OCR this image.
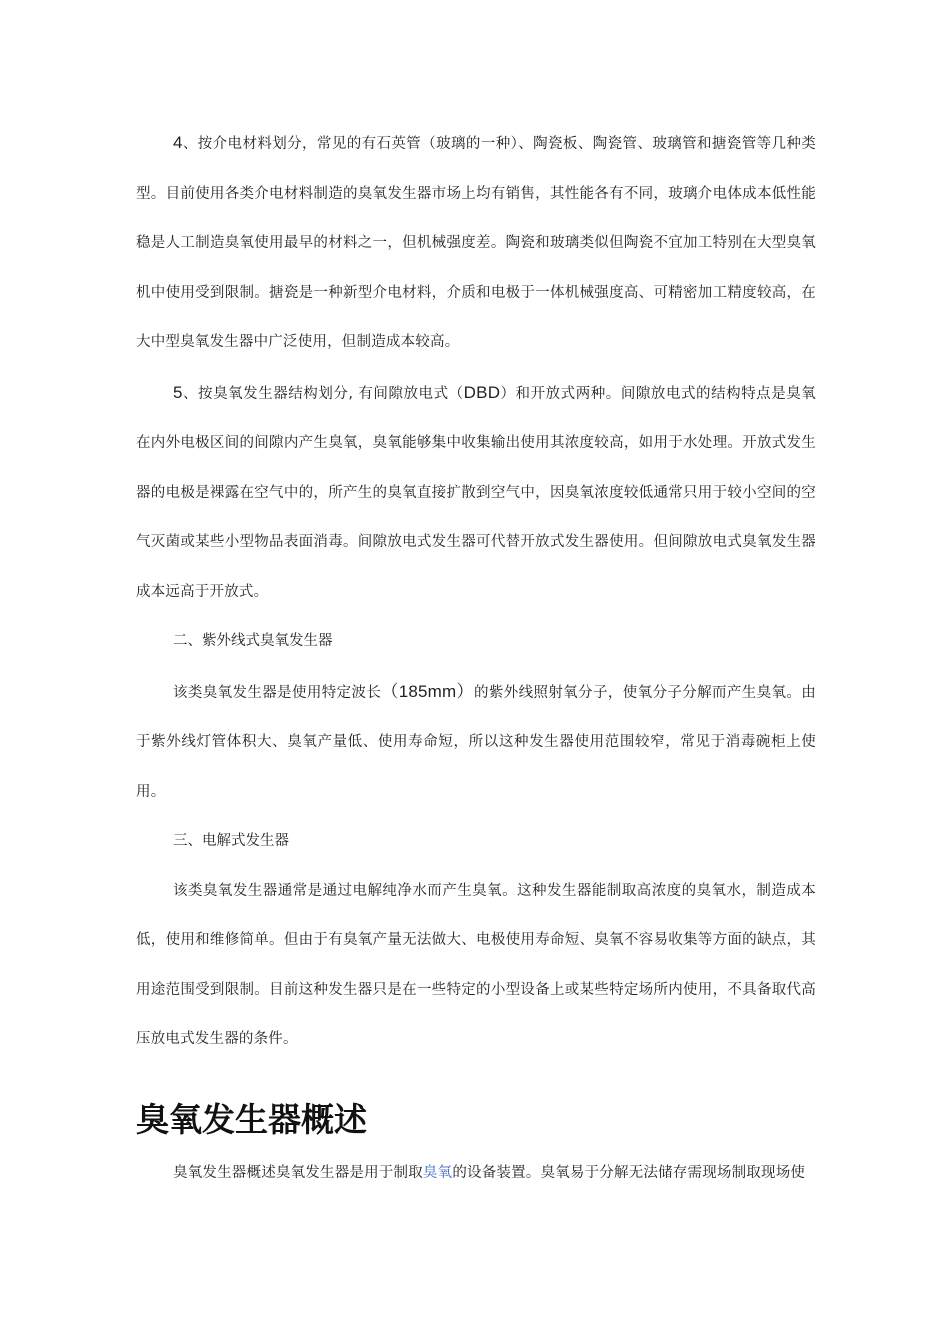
4、按介电材料划分，常见的有石英管（玻璃的一种）、陶瓷板、陶瓷管、玻璃管和搪瓷管等几种类型。目前使用各类介电材料制造的臭氧发生器市场上均有销售，其性能各有不同，玻璃介电体成本低性能稳是人工制造臭氧使用最早的材料之一，但机械强度差。陶瓷和玻璃类似但陶瓷不宜加工特别在大型臭氧机中使用受到限制。搪瓷是一种新型介电材料，介质和电极于一体机械强度高、可精密加工精度较高，在大中型臭氧发生器中广泛使用，但制造成本较高。

5、按臭氧发生器结构划分, 有间隙放电式（DBD）和开放式两种。间隙放电式的结构特点是臭氧在内外电极区间的间隙内产生臭氧，臭氧能够集中收集输出使用其浓度较高，如用于水处理。开放式发生器的电极是裸露在空气中的，所产生的臭氧直接扩散到空气中，因臭氧浓度较低通常只用于较小空间的空气灭菌或某些小型物品表面消毒。间隙放电式发生器可代替开放式发生器使用。但间隙放电式臭氧发生器成本远高于开放式。

二、紫外线式臭氧发生器

该类臭氧发生器是使用特定波长（185mm）的紫外线照射氧分子，使氧分子分解而产生臭氧。由于紫外线灯管体积大、臭氧产量低、使用寿命短，所以这种发生器使用范围较窄，常见于消毒碗柜上使用。

三、电解式发生器

该类臭氧发生器通常是通过电解纯净水而产生臭氧。这种发生器能制取高浓度的臭氧水，制造成本低，使用和维修简单。但由于有臭氧产量无法做大、电极使用寿命短、臭氧不容易收集等方面的缺点，其用途范围受到限制。目前这种发生器只是在一些特定的小型设备上或某些特定场所内使用，不具备取代高压放电式发生器的条件。

臭氧发生器概述

臭氧发生器概述臭氧发生器是用于制取臭氧的设备装置。臭氧易于分解无法储存需现场制取现场使
